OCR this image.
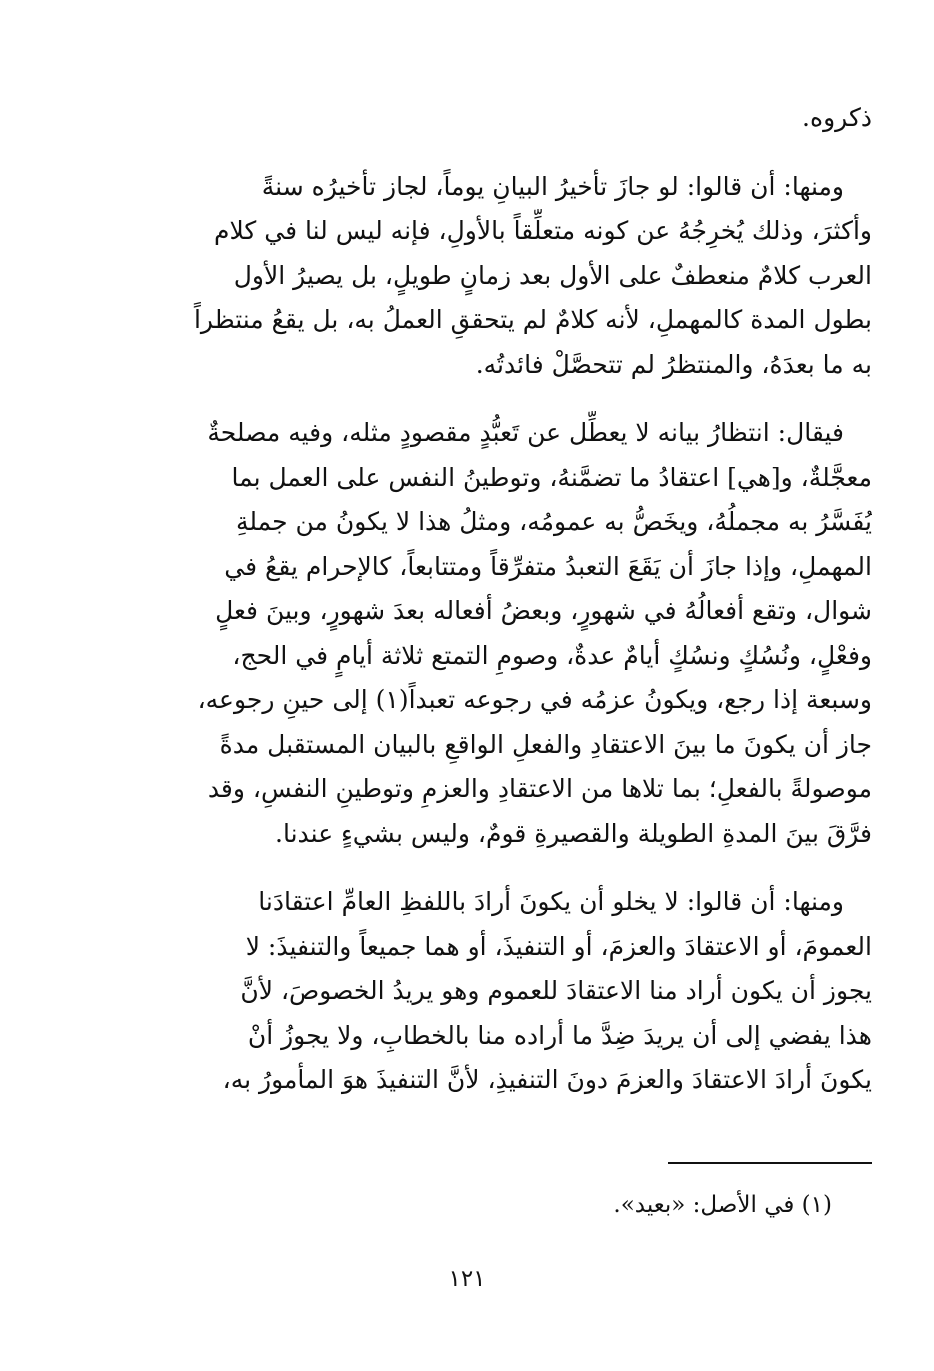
ذكروه.

ومنها: أن قالوا: لو جازَ تأخيرُ البيانِ يوماً، لجاز تأخيرُه سنةً
وأكثرَ، وذلك يُخرِجُهُ عن كونه متعلِّقاً بالأولِ، فإنه ليس لنا في كلام
العرب كلامٌ منعطفٌ على الأول بعد زمانٍ طويلٍ، بل يصيرُ الأول
بطول المدة كالمهملِ، لأنه كلامٌ لم يتحققِ العملُ به، بل يقعُ منتظراً
به ما بعدَهُ، والمنتظرُ لم تتحصَّلْ فائدتُه.

فيقال: انتظارُ بيانه لا يعطِّل عن تَعبُّدٍ مقصودٍ مثله، وفيه مصلحةٌ
معجَّلةٌ، و[هي] اعتقادُ ما تضمَّنهُ، وتوطينُ النفس على العمل بما
يُفَسَّرُ به مجملُهُ، ويخَصُّ به عمومُه، ومثلُ هذا لا يكونُ من جملةِ
المهملِ، وإذا جازَ أن يَقَعَ التعبدُ متفرِّقاً ومتتابعاً، كالإحرام يقعُ في
شوال، وتقع أفعالُهُ في شهورٍ، وبعضُ أفعاله بعدَ شهورٍ، وبينَ فعلٍ
وفعْلٍ، ونُسُكٍ ونسُكٍ أيامٌ عدةٌ، وصومِ التمتع ثلاثة أيامٍ في الحج،
وسبعة إذا رجع، ويكونُ عزمُه في رجوعه تعبداً(١) إلى حينِ رجوعه،
جاز أن يكونَ ما بينَ الاعتقادِ والفعلِ الواقعِ بالبيان المستقبل مدةً
موصولةً بالفعلِ؛ بما تلاها من الاعتقادِ والعزمِ وتوطينِ النفسِ، وقد
فرَّقَ بينَ المدةِ الطويلة والقصيرةِ قومٌ، وليس بشيءٍ عندنا.

ومنها: أن قالوا: لا يخلو أن يكونَ أرادَ باللفظِ العامِّ اعتقادَنا
العمومَ، أو الاعتقادَ والعزمَ، أو التنفيذَ، أو هما جميعاً والتنفيذَ: لا
يجوز أن يكون أراد منا الاعتقادَ للعموم وهو يريدُ الخصوصَ، لأنَّ
هذا يفضي إلى أن يريدَ ضِدَّ ما أراده منا بالخطابِ، ولا يجوزُ أنْ
يكونَ أرادَ الاعتقادَ والعزمَ دونَ التنفيذِ، لأنَّ التنفيذَ هوَ المأمورُ به،

(١) في الأصل: «بعيد».
١٢١
